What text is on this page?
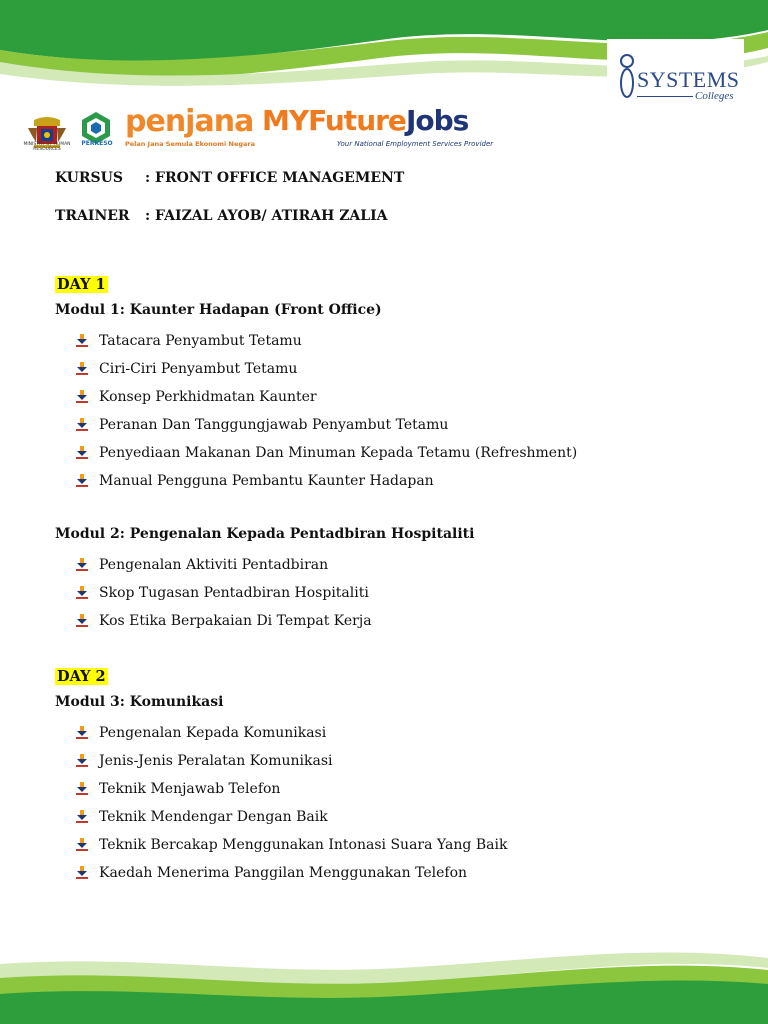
SYSTEMS
Colleges
MINISTRY OF HUMAN RESOURCES
PERKESO
penjana
Pelan Jana Semula Ekonomi Negara
MYFutureJobs
Your National Employment Services Provider
KURSUS : FRONT OFFICE MANAGEMENT
TRAINER : FAIZAL AYOB/ ATIRAH ZALIA
DAY 1
Modul 1: Kaunter Hadapan (Front Office)
Tatacara Penyambut Tetamu
Ciri-Ciri Penyambut Tetamu
Konsep Perkhidmatan Kaunter
Peranan Dan Tanggungjawab Penyambut Tetamu
Penyediaan Makanan Dan Minuman Kepada Tetamu (Refreshment)
Manual Pengguna Pembantu Kaunter Hadapan
Modul 2: Pengenalan Kepada Pentadbiran Hospitaliti
Pengenalan Aktiviti Pentadbiran
Skop Tugasan Pentadbiran Hospitaliti
Kos Etika Berpakaian Di Tempat Kerja
DAY 2
Modul 3: Komunikasi
Pengenalan Kepada Komunikasi
Jenis-Jenis Peralatan Komunikasi
Teknik Menjawab Telefon
Teknik Mendengar Dengan Baik
Teknik Bercakap Menggunakan Intonasi Suara Yang Baik
Kaedah Menerima Panggilan Menggunakan Telefon
